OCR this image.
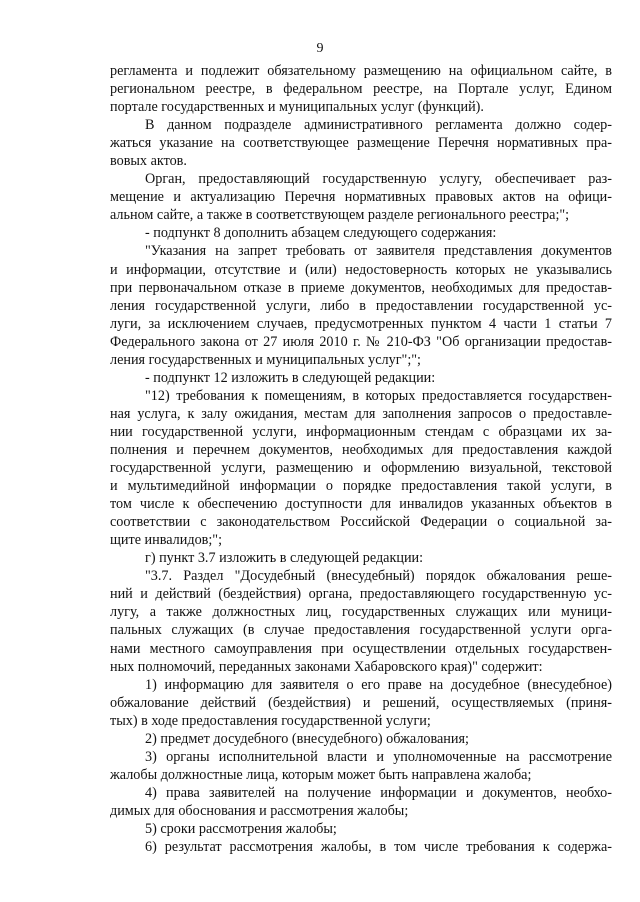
9
регламента и подлежит обязательному размещению на официальном сайте, в
региональном реестре, в федеральном реестре, на Портале услуг, Едином
портале государственных и муниципальных услуг (функций).
В данном подразделе административного регламента должно содер-
жаться указание на соответствующее размещение Перечня нормативных пра-
вовых актов.
Орган, предоставляющий государственную услугу, обеспечивает раз-
мещение и актуализацию Перечня нормативных правовых актов на офици-
альном сайте, а также в соответствующем разделе регионального реестра;";
- подпункт 8 дополнить абзацем следующего содержания:
"Указания на запрет требовать от заявителя представления документов
и информации, отсутствие и (или) недостоверность которых не указывались
при первоначальном отказе в приеме документов, необходимых для предостав-
ления государственной услуги, либо в предоставлении государственной ус-
луги, за исключением случаев, предусмотренных пунктом 4 части 1 статьи 7
Федерального закона от 27 июля 2010 г. № 210-ФЗ "Об организации предостав-
ления государственных и муниципальных услуг";";
- подпункт 12 изложить в следующей редакции:
"12) требования к помещениям, в которых предоставляется государствен-
ная услуга, к залу ожидания, местам для заполнения запросов о предоставле-
нии государственной услуги, информационным стендам с образцами их за-
полнения и перечнем документов, необходимых для предоставления каждой
государственной услуги, размещению и оформлению визуальной, текстовой
и мультимедийной информации о порядке предоставления такой услуги, в
том числе к обеспечению доступности для инвалидов указанных объектов в
соответствии с законодательством Российской Федерации о социальной за-
щите инвалидов;";
г) пункт 3.7 изложить в следующей редакции:
"3.7. Раздел "Досудебный (внесудебный) порядок обжалования реше-
ний и действий (бездействия) органа, предоставляющего государственную ус-
лугу, а также должностных лиц, государственных служащих или муници-
пальных служащих (в случае предоставления государственной услуги орга-
нами местного самоуправления при осуществлении отдельных государствен-
ных полномочий, переданных законами Хабаровского края)" содержит:
1) информацию для заявителя о его праве на досудебное (внесудебное)
обжалование действий (бездействия) и решений, осуществляемых (приня-
тых) в ходе предоставления государственной услуги;
2) предмет досудебного (внесудебного) обжалования;
3) органы исполнительной власти и уполномоченные на рассмотрение
жалобы должностные лица, которым может быть направлена жалоба;
4) права заявителей на получение информации и документов, необхо-
димых для обоснования и рассмотрения жалобы;
5) сроки рассмотрения жалобы;
6) результат рассмотрения жалобы, в том числе требования к содержа-
